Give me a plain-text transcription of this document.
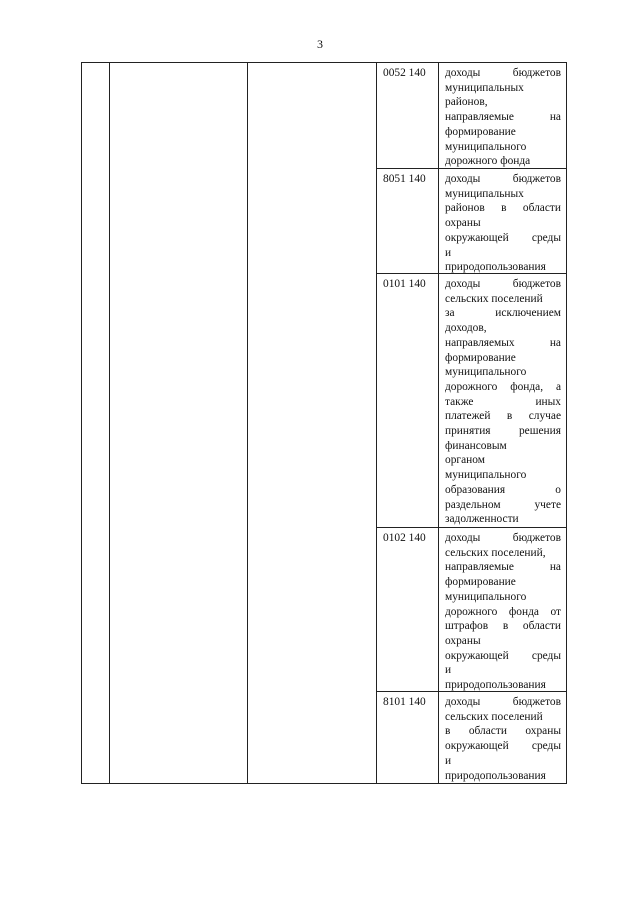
3
0052 140 доходы бюджетов
муниципальных
районов,
направляемые на
формирование
муниципального
дорожного фонда
8051 140 доходы бюджетов
муниципальных
районов в области
охраны
окружающей среды
и
природопользования
0101 140 доходы бюджетов
сельских поселений
за исключением
доходов,
направляемых на
формирование
муниципального
дорожного фонда, а
также иных
платежей в случае
принятия решения
финансовым
органом
муниципального
образования о
раздельном учете
задолженности
0102 140 доходы бюджетов
сельских поселений,
направляемые на
формирование
муниципального
дорожного фонда от
штрафов в области
охраны
окружающей среды
и
природопользования
8101 140 доходы бюджетов
сельских поселений
в области охраны
окружающей среды
и
природопользования
